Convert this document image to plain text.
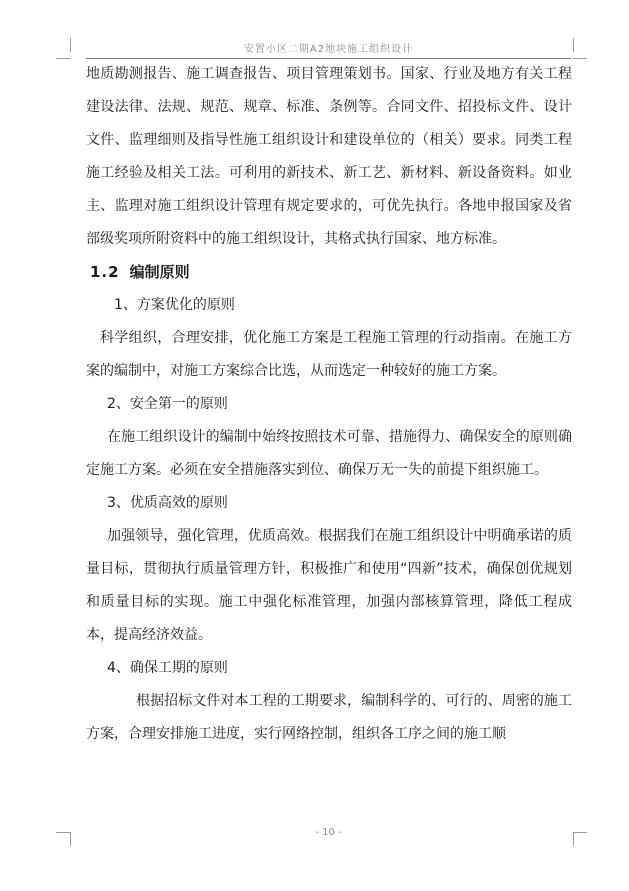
安置小区二期A2地块施工组织设计

地质勘测报告、施工调查报告、项目管理策划书。国家、行业及地方有关工程建设法律、法规、规范、规章、标准、条例等。合同文件、招投标文件、设计文件、监理细则及指导性施工组织设计和建设单位的（相关）要求。同类工程施工经验及相关工法。可利用的新技术、新工艺、新材料、新设备资料。如业主、监理对施工组织设计管理有规定要求的，可优先执行。各地申报国家及省部级奖项所附资料中的施工组织设计，其格式执行国家、地方标准。

1.2 编制原则

1、方案优化的原则

科学组织，合理安排，优化施工方案是工程施工管理的行动指南。在施工方案的编制中，对施工方案综合比选，从而选定一种较好的施工方案。

2、安全第一的原则

在施工组织设计的编制中始终按照技术可靠、措施得力、确保安全的原则确定施工方案。必须在安全措施落实到位、确保万无一失的前提下组织施工。

3、优质高效的原则

加强领导，强化管理，优质高效。根据我们在施工组织设计中明确承诺的质量目标，贯彻执行质量管理方针，积极推广和使用“四新”技术，确保创优规划和质量目标的实现。施工中强化标准管理，加强内部核算管理，降低工程成本，提高经济效益。

4、确保工期的原则

根据招标文件对本工程的工期要求，编制科学的、可行的、周密的施工方案，合理安排施工进度，实行网络控制，组织各工序之间的施工顺

- 10 -
